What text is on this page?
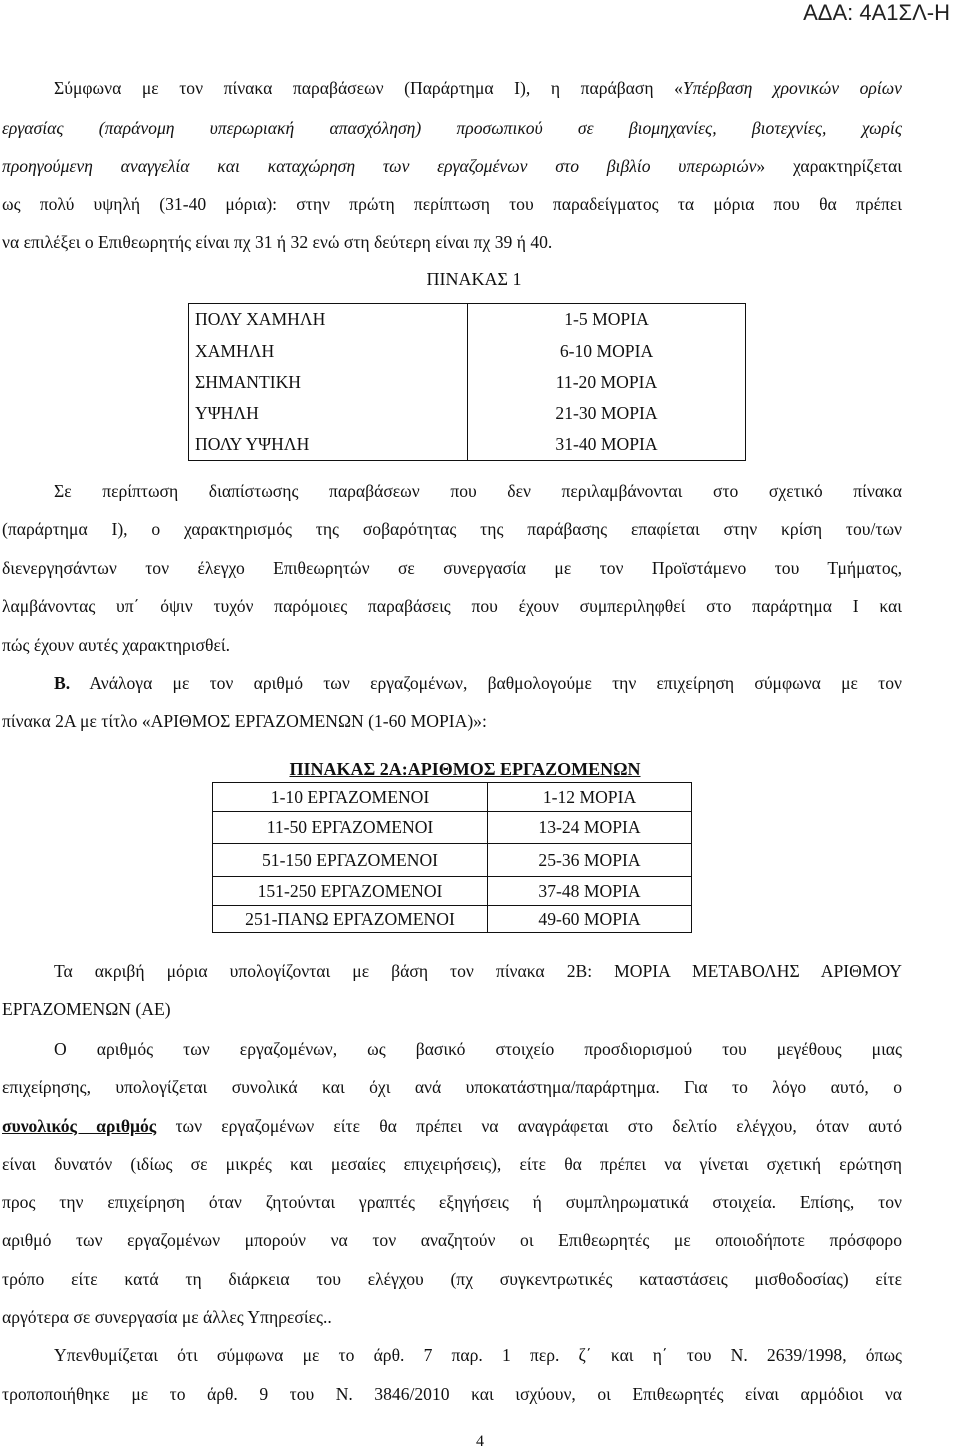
ΑΔΑ: 4Α1ΣΛ-Η
Σύμφωνα με τον πίνακα παραβάσεων (Παράρτημα Ι), η παράβαση «Υπέρβαση χρονικών ορίων
εργασίας (παράνομη υπερωριακή απασχόληση) προσωπικού σε βιομηχανίες, βιοτεχνίες, χωρίς
προηγούμενη αναγγελία και καταχώρηση των εργαζομένων στο βιβλίο υπερωριών» χαρακτηρίζεται
ως πολύ υψηλή (31-40 μόρια): στην πρώτη περίπτωση του παραδείγματος τα μόρια που θα πρέπει
να επιλέξει ο Επιθεωρητής είναι πχ 31 ή 32 ενώ στη δεύτερη είναι πχ 39 ή 40.
ΠΙΝΑΚΑΣ 1
ΠΟΛΥ ΧΑΜΗΛΗ	1-5 ΜΟΡΙΑ
ΧΑΜΗΛΗ	6-10 ΜΟΡΙΑ
ΣΗΜΑΝΤΙΚΗ	11-20 ΜΟΡΙΑ
ΥΨΗΛΗ	21-30 ΜΟΡΙΑ
ΠΟΛΥ ΥΨΗΛΗ	31-40 ΜΟΡΙΑ
Σε περίπτωση διαπίστωσης παραβάσεων που δεν περιλαμβάνονται στο σχετικό πίνακα
(παράρτημα Ι), ο χαρακτηρισμός της σοβαρότητας της παράβασης επαφίεται στην κρίση του/των
διενεργησάντων τον έλεγχο Επιθεωρητών σε συνεργασία με τον Προϊστάμενο του Τμήματος,
λαμβάνοντας υπ΄ όψιν τυχόν παρόμοιες παραβάσεις που έχουν συμπεριληφθεί στο παράρτημα Ι και
πώς έχουν αυτές χαρακτηρισθεί.
Β. Ανάλογα με τον αριθμό των εργαζομένων, βαθμολογούμε την επιχείρηση σύμφωνα με τον
πίνακα 2Α με τίτλο «ΑΡΙΘΜΟΣ ΕΡΓΑΖΟΜΕΝΩΝ (1-60 ΜΟΡΙΑ)»:
ΠΙΝΑΚΑΣ 2Α:ΑΡΙΘΜΟΣ ΕΡΓΑΖΟΜΕΝΩΝ
1-10 ΕΡΓΑΖΟΜΕΝΟΙ	1-12 ΜΟΡΙΑ
11-50 ΕΡΓΑΖΟΜΕΝΟΙ	13-24 ΜΟΡΙΑ
51-150 ΕΡΓΑΖΟΜΕΝΟΙ	25-36 ΜΟΡΙΑ
151-250 ΕΡΓΑΖΟΜΕΝΟΙ	37-48 ΜΟΡΙΑ
251-ΠΑΝΩ ΕΡΓΑΖΟΜΕΝΟΙ	49-60 ΜΟΡΙΑ
Τα ακριβή μόρια υπολογίζονται με βάση τον πίνακα 2Β: ΜΟΡΙΑ ΜΕΤΑΒΟΛΗΣ ΑΡΙΘΜΟΥ
ΕΡΓΑΖΟΜΕΝΩΝ (ΑΕ)
Ο αριθμός των εργαζομένων, ως βασικό στοιχείο προσδιορισμού του μεγέθους μιας
επιχείρησης, υπολογίζεται συνολικά και όχι ανά υποκατάστημα/παράρτημα. Για το λόγο αυτό, ο
συνολικός αριθμός των εργαζομένων είτε θα πρέπει να αναγράφεται στο δελτίο ελέγχου, όταν αυτό
είναι δυνατόν (ιδίως σε μικρές και μεσαίες επιχειρήσεις), είτε θα πρέπει να γίνεται σχετική ερώτηση
προς την επιχείρηση όταν ζητούνται γραπτές εξηγήσεις ή συμπληρωματικά στοιχεία. Επίσης, τον
αριθμό των εργαζομένων μπορούν να τον αναζητούν οι Επιθεωρητές με οποιοδήποτε πρόσφορο
τρόπο είτε κατά τη διάρκεια του ελέγχου (πχ συγκεντρωτικές καταστάσεις μισθοδοσίας) είτε
αργότερα σε συνεργασία με άλλες Υπηρεσίες..
Υπενθυμίζεται ότι σύμφωνα με το άρθ. 7 παρ. 1 περ. ζ΄ και η΄ του Ν. 2639/1998, όπως
τροποποιήθηκε με το άρθ. 9 του Ν. 3846/2010 και ισχύουν, οι Επιθεωρητές είναι αρμόδιοι να
4
